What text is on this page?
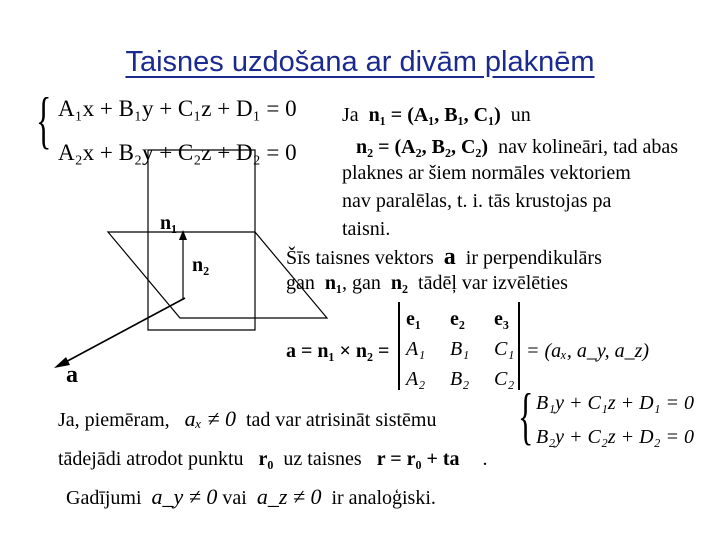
Taisnes uzdošana ar divām plaknēm
{ A₁x + B₁y + C₁z + D₁ = 0
A₂x + B₂y + C₂z + D₂ = 0
n₁
n₂
a
Ja n₁ = (A₁, B₁, C₁) un
n₂ = (A₂, B₂, C₂) nav kolineāri, tad abas
plaknes ar šiem normāles vektoriem
nav paralēlas, t. i. tās krustojas pa
taisni.
Šīs taisnes vektors a ir perpendikulārs
gan n₁, gan n₂ tādēļ var izvēlēties
a = n₁ × n₂ =
e₁ e₂ e₃
A₁ B₁ C₁
A₂ B₂ C₂
= (aₓ, a_y, a_z)
Ja, piemēram, aₓ ≠ 0 tad var atrisināt sistēmu { B₁y + C₁z + D₁ = 0
B₂y + C₂z + D₂ = 0
tādejādi atrodot punktu r₀ uz taisnes r = r₀ + ta .
Gadījumi a_y ≠ 0 vai a_z ≠ 0 ir analoģiski.
